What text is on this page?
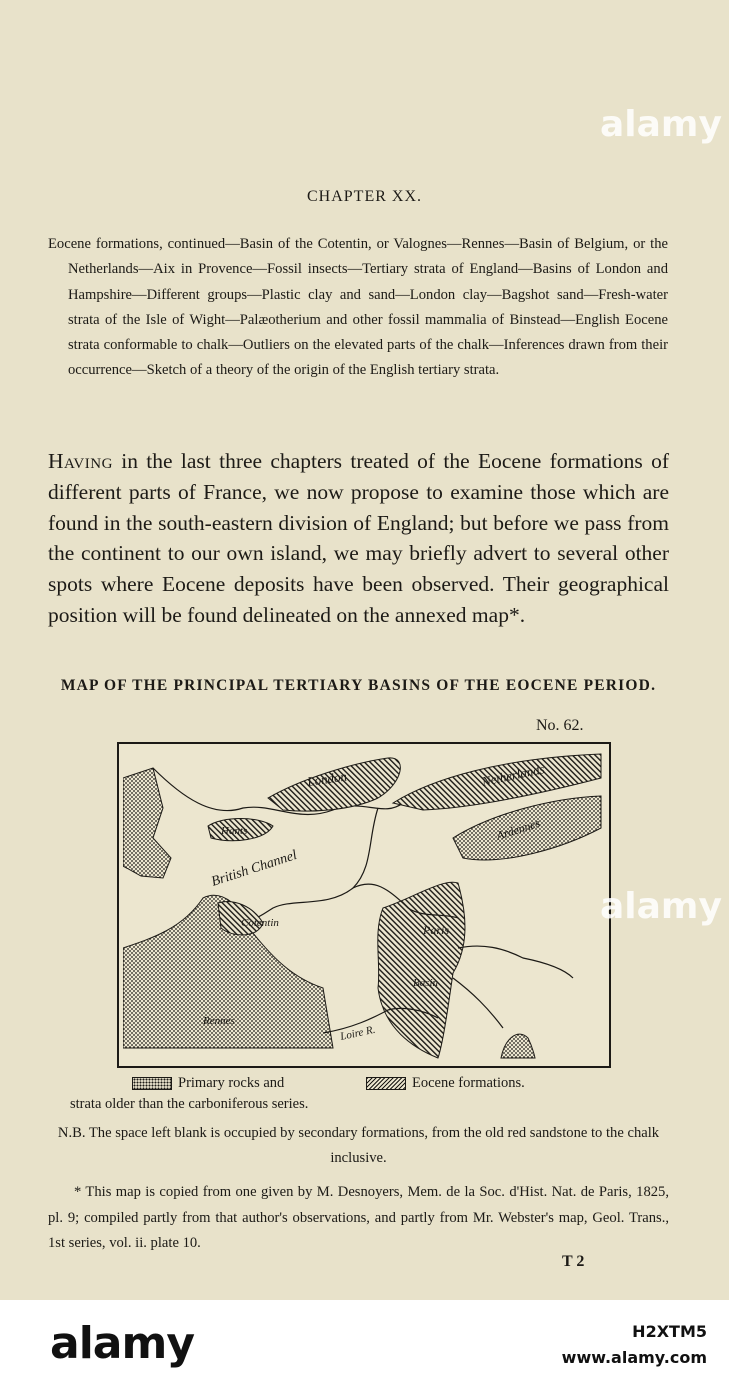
CHAPTER XX.

Eocene formations, continued—Basin of the Cotentin, or Valognes—Rennes—Basin of Belgium, or the Netherlands—Aix in Provence—Fossil insects—Tertiary strata of England—Basins of London and Hampshire—Different groups—Plastic clay and sand—London clay—Bagshot sand—Fresh-water strata of the Isle of Wight—Palæotherium and other fossil mammalia of Binstead—English Eocene strata conformable to chalk—Outliers on the elevated parts of the chalk—Inferences drawn from their occurrence—Sketch of a theory of the origin of the English tertiary strata.

Having in the last three chapters treated of the Eocene formations of different parts of France, we now propose to examine those which are found in the south-eastern division of England; but before we pass from the continent to our own island, we may briefly advert to several other spots where Eocene deposits have been observed. Their geographical position will be found delineated on the annexed map*.

MAP OF THE PRINCIPAL TERTIARY BASINS OF THE EOCENE PERIOD.
No. 62.
London	Netherlands
Hants	Ardennes
British Channel
Cotentin	Paris
Basin
Rennes
Loire R.
Primary rocks and	Eocene formations.
strata older than the carboniferous series.
N.B. The space left blank is occupied by secondary formations, from the old red sandstone to the chalk inclusive.

* This map is copied from one given by M. Desnoyers, Mem. de la Soc. d'Hist. Nat. de Paris, 1825, pl. 9; compiled partly from that author's observations, and partly from Mr. Webster's map, Geol. Trans., 1st series, vol. ii. plate 10.

T 2
alamy
alamy
alamy	H2XTM5
www.alamy.com
